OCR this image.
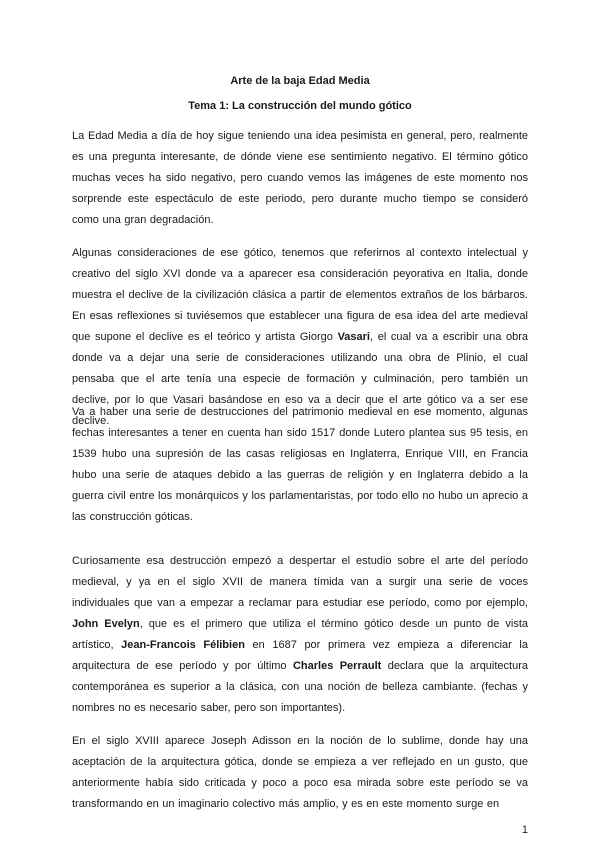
Arte de la baja Edad Media

Tema 1: La construcción del mundo gótico

La Edad Media a día de hoy sigue teniendo una idea pesimista en general, pero, realmente es una pregunta interesante, de dónde viene ese sentimiento negativo. El término gótico muchas veces ha sido negativo, pero cuando vemos las imágenes de este momento nos sorprende este espectáculo de este periodo, pero durante mucho tiempo se consideró como una gran degradación.

Algunas consideraciones de ese gótico, tenemos que referirnos al contexto intelectual y creativo del siglo XVI donde va a aparecer esa consideración peyorativa en Italia, donde muestra el declive de la civilización clásica a partir de elementos extraños de los bárbaros. En esas reflexiones si tuviésemos que establecer una figura de esa idea del arte medieval que supone el declive es el teórico y artista Giorgo Vasari, el cual va a escribir una obra donde va a dejar una serie de consideraciones utilizando una obra de Plinio, el cual pensaba que el arte tenía una especie de formación y culminación, pero también un declive, por lo que Vasari basándose en eso va a decir que el arte gótico va a ser ese declive.

Va a haber una serie de destrucciones del patrimonio medieval en ese momento, algunas fechas interesantes a tener en cuenta han sido 1517 donde Lutero plantea sus 95 tesis, en 1539 hubo una supresión de las casas religiosas en Inglaterra, Enrique VIII, en Francia hubo una serie de ataques debido a las guerras de religión y en Inglaterra debido a la guerra civil entre los monárquicos y los parlamentaristas, por todo ello no hubo un aprecio a las construcción góticas.

Curiosamente esa destrucción empezó a despertar el estudio sobre el arte del período medieval, y ya en el siglo XVII de manera tímida van a surgir una serie de voces individuales que van a empezar a reclamar para estudiar ese período, como por ejemplo, John Evelyn, que es el primero que utiliza el término gótico desde un punto de vista artístico, Jean-Francois Félibien en 1687 por primera vez empieza a diferenciar la arquitectura de ese período y por último Charles Perrault declara que la arquitectura contemporánea es superior a la clásica, con una noción de belleza cambiante. (fechas y nombres no es necesario saber, pero son importantes).

En el siglo XVIII aparece Joseph Adisson en la noción de lo sublime, donde hay una aceptación de la arquitectura gótica, donde se empieza a ver reflejado en un gusto, que anteriormente había sido criticada y poco a poco esa mirada sobre este período se va transformando en un imaginario colectivo más amplio, y es en este momento surge en

1
